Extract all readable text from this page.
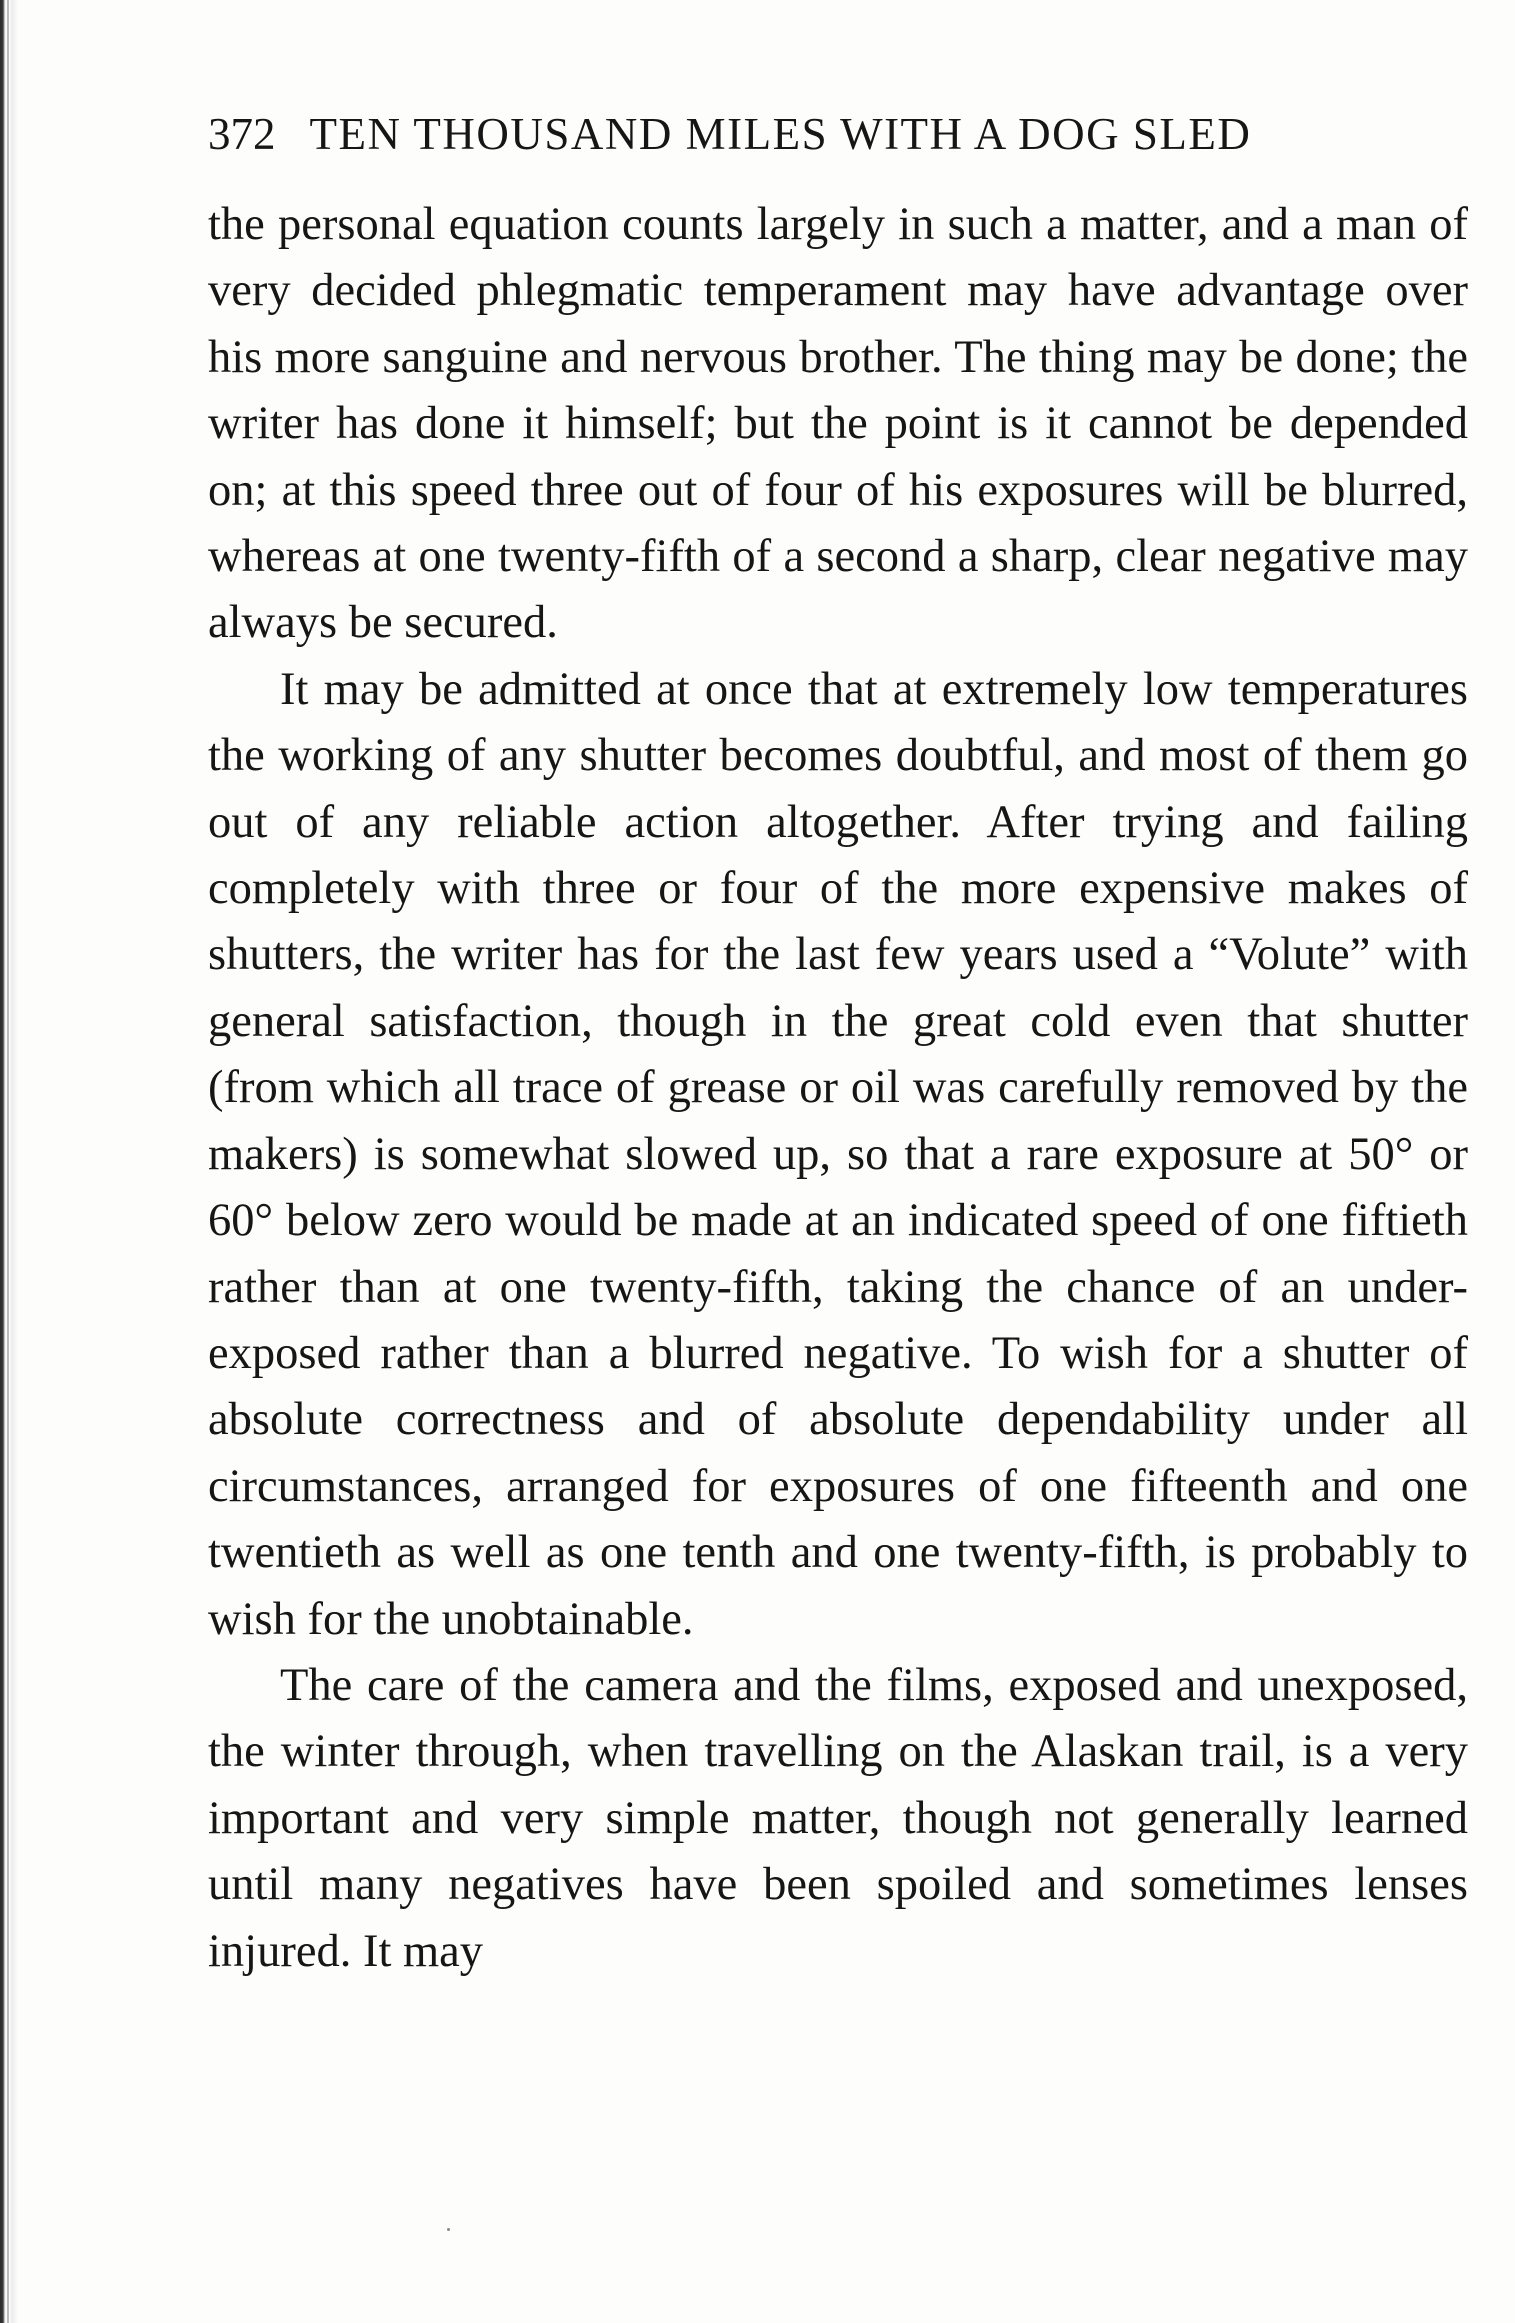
372 TEN THOUSAND MILES WITH A DOG SLED

the personal equation counts largely in such a matter, and a man of very decided phlegmatic temperament may have advantage over his more sanguine and nervous brother. The thing may be done; the writer has done it himself; but the point is it cannot be depended on; at this speed three out of four of his exposures will be blurred, whereas at one twenty-fifth of a second a sharp, clear negative may always be secured.

It may be admitted at once that at extremely low temperatures the working of any shutter becomes doubtful, and most of them go out of any reliable action altogether. After trying and failing completely with three or four of the more expensive makes of shutters, the writer has for the last few years used a “Volute” with general satisfaction, though in the great cold even that shutter (from which all trace of grease or oil was carefully removed by the makers) is somewhat slowed up, so that a rare exposure at 50° or 60° below zero would be made at an indicated speed of one fiftieth rather than at one twenty-fifth, taking the chance of an under-exposed rather than a blurred negative. To wish for a shutter of absolute correctness and of absolute dependability under all circumstances, arranged for exposures of one fifteenth and one twentieth as well as one tenth and one twenty-fifth, is probably to wish for the unobtainable.

The care of the camera and the films, exposed and unexposed, the winter through, when travelling on the Alaskan trail, is a very important and very simple matter, though not generally learned until many negatives have been spoiled and sometimes lenses injured. It may
